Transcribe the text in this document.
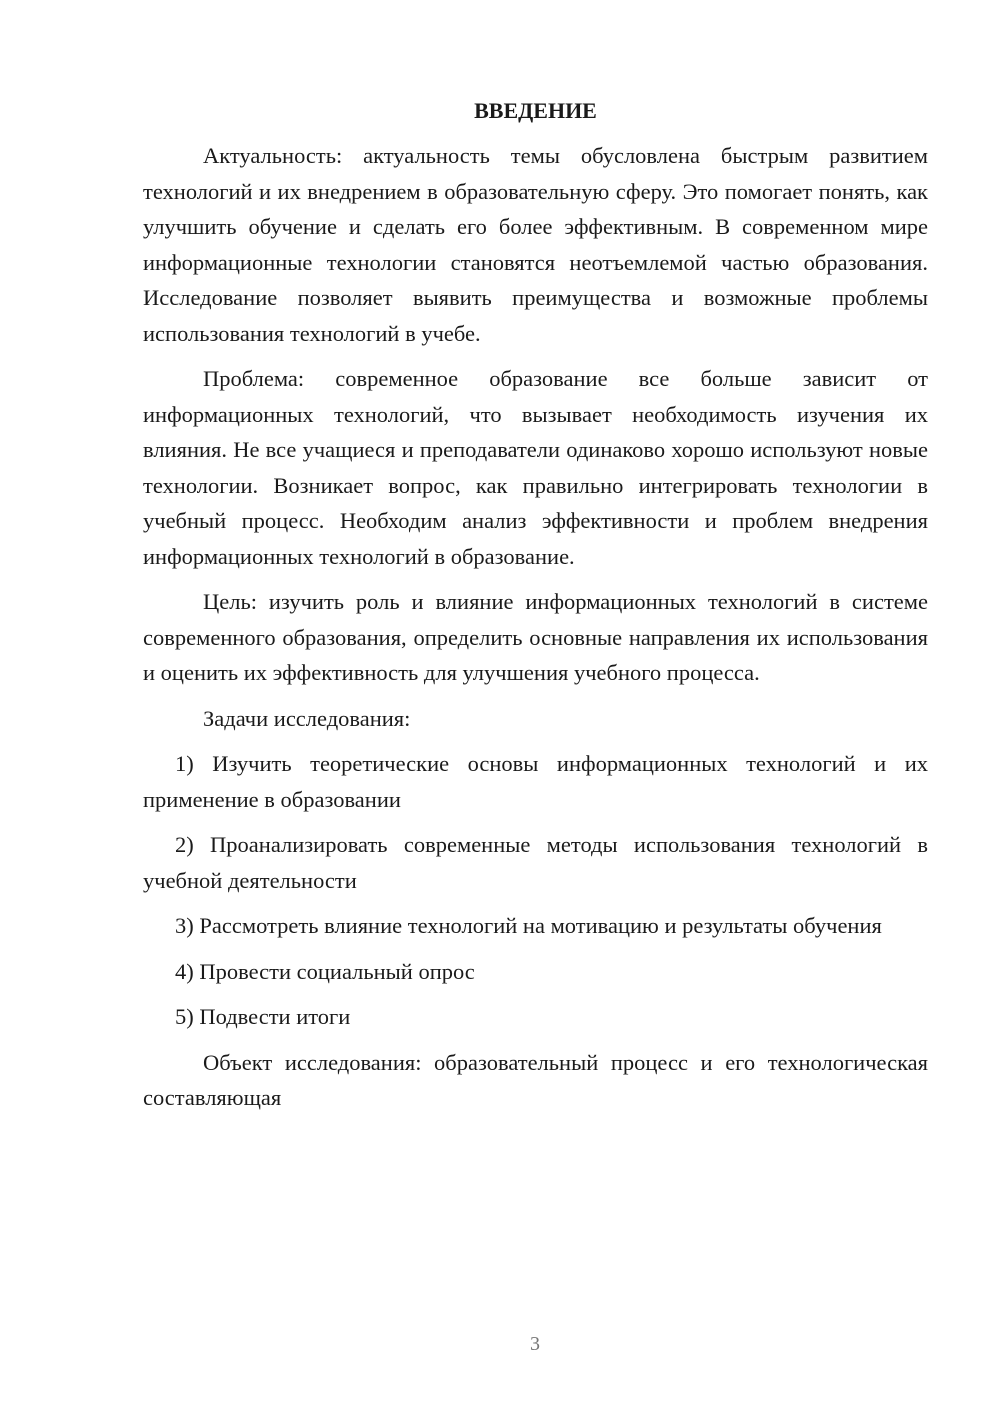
ВВЕДЕНИЕ

Актуальность: актуальность темы обусловлена быстрым развитием технологий и их внедрением в образовательную сферу. Это помогает понять, как улучшить обучение и сделать его более эффективным. В современном мире информационные технологии становятся неотъемлемой частью образования. Исследование позволяет выявить преимущества и возможные проблемы использования технологий в учебе.

Проблема: современное образование все больше зависит от информационных технологий, что вызывает необходимость изучения их влияния. Не все учащиеся и преподаватели одинаково хорошо используют новые технологии. Возникает вопрос, как правильно интегрировать технологии в учебный процесс. Необходим анализ эффективности и проблем внедрения информационных технологий в образование.

Цель: изучить роль и влияние информационных технологий в системе современного образования, определить основные направления их использования и оценить их эффективность для улучшения учебного процесса.

Задачи исследования:

1) Изучить теоретические основы информационных технологий и их применение в образовании

2) Проанализировать современные методы использования технологий в учебной деятельности

3) Рассмотреть влияние технологий на мотивацию и результаты обучения

4) Провести социальный опрос

5) Подвести итоги

Объект исследования: образовательный процесс и его технологическая составляющая

3
